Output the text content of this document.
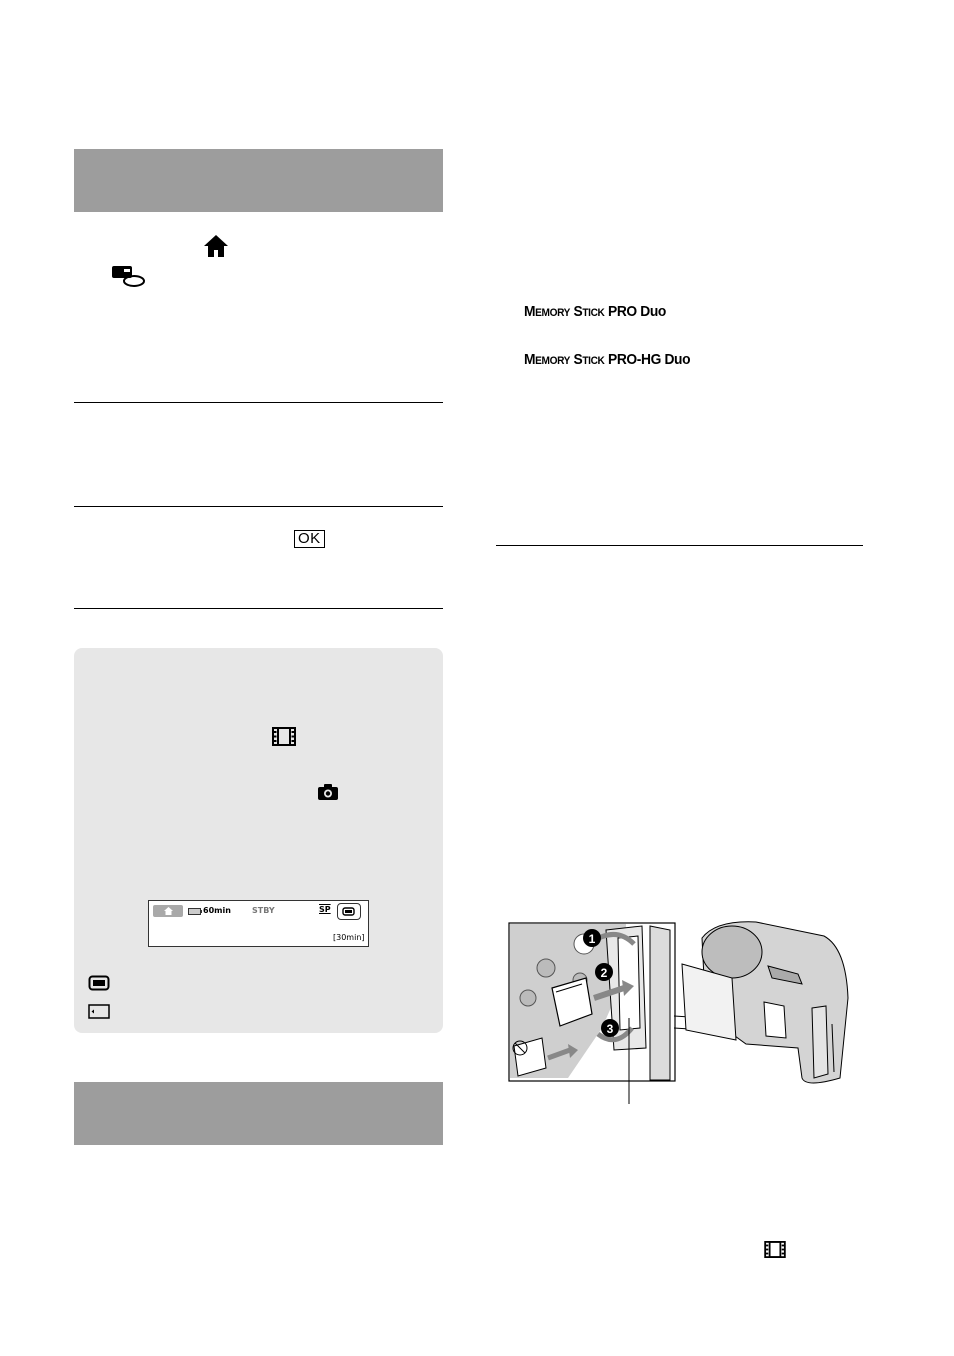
OK
60min	STBY	SP
[30min]
MEMORY STICK PRO Duo
MEMORY STICK PRO-HG Duo
1
2
3
